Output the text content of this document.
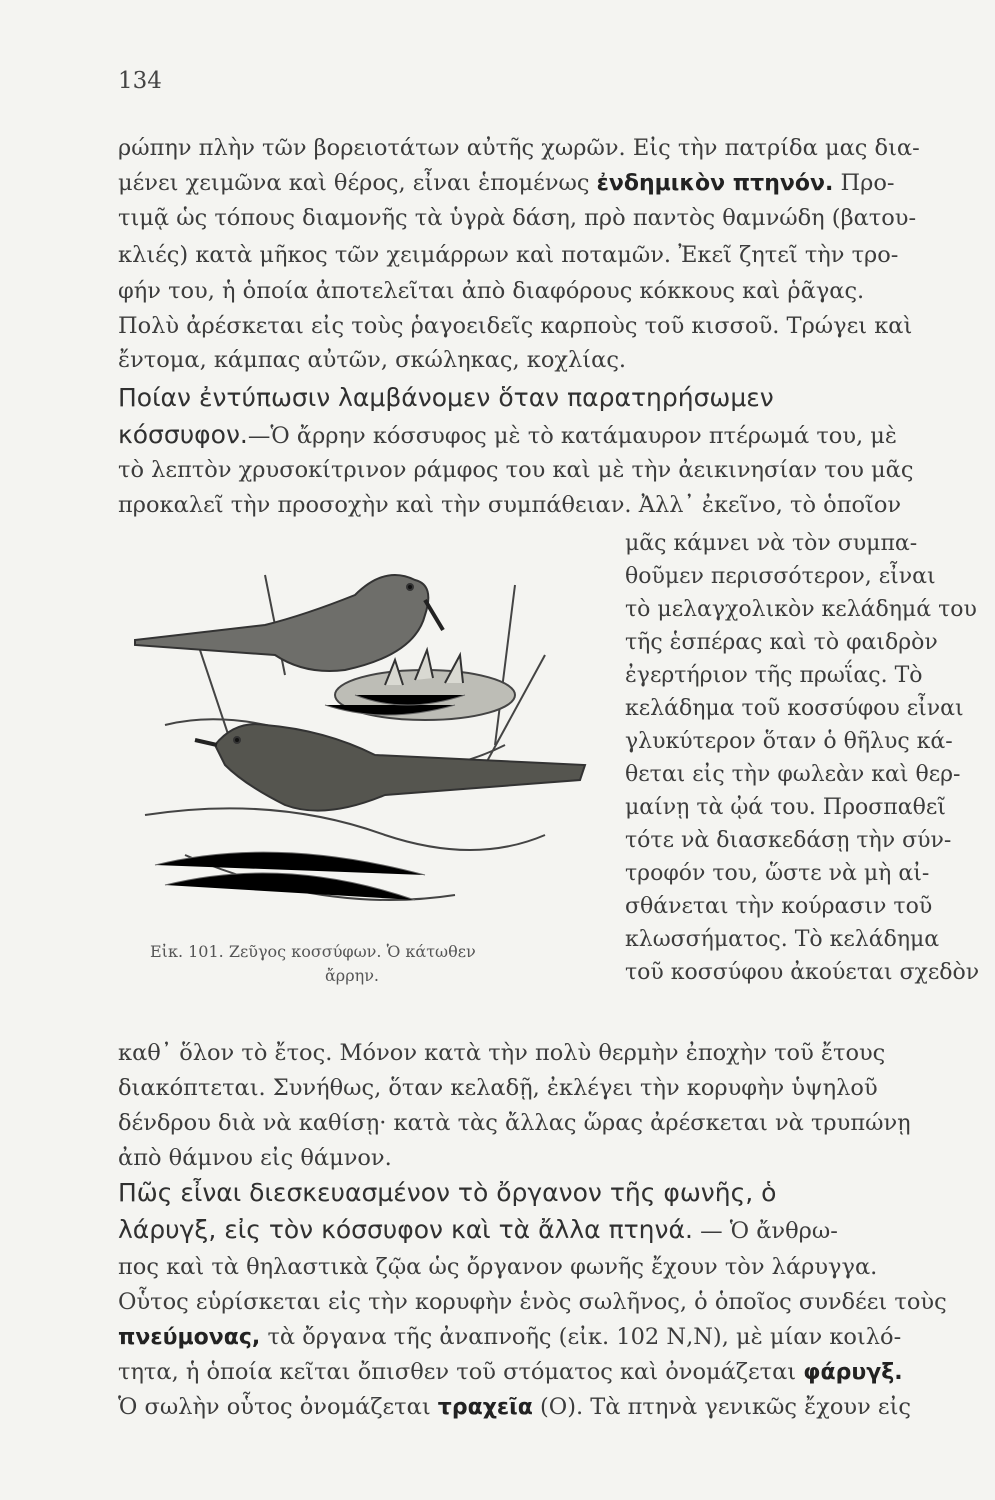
134
ρώπην πλὴν τῶν βορειοτάτων αὐτῆς χωρῶν. Εἰς τὴν πατρίδα μας δια-
μένει χειμῶνα καὶ θέρος, εἶναι ἑπομένως ἐνδημικὸν πτηνόν. Προ-
τιμᾷ ὡς τόπους διαμονῆς τὰ ὑγρὰ δάση, πρὸ παντὸς θαμνώδη (βατου-
κλιές) κατὰ μῆκος τῶν χειμάρρων καὶ ποταμῶν. Ἐκεῖ ζητεῖ τὴν τρο-
φήν του, ἡ ὁποία ἀποτελεῖται ἀπὸ διαφόρους κόκκους καὶ ῥᾶγας.
Πολὺ ἀρέσκεται εἰς τοὺς ῥαγοειδεῖς καρποὺς τοῦ κισσοῦ. Τρώγει καὶ
ἔντομα, κάμπας αὐτῶν, σκώληκας, κοχλίας.
Ποίαν ἐντύπωσιν λαμβάνομεν ὅταν παρατηρήσωμεν
κόσσυφον.—Ὁ ἄρρην κόσσυφος μὲ τὸ κατάμαυρον πτέρωμά του, μὲ
τὸ λεπτὸν χρυσοκίτρινον ράμφος του καὶ μὲ τὴν ἀεικινησίαν του μᾶς
προκαλεῖ τὴν προσοχὴν καὶ τὴν συμπάθειαν. Ἀλλ᾽ ἐκεῖνο, τὸ ὁποῖον
μᾶς κάμνει νὰ τὸν συμπα-
θοῦμεν περισσότερον, εἶναι
τὸ μελαγχολικὸν κελάδημά του
τῆς ἑσπέρας καὶ τὸ φαιδρὸν
ἐγερτήριον τῆς πρωΐας. Τὸ
κελάδημα τοῦ κοσσύφου εἶναι
γλυκύτερον ὅταν ὁ θῆλυς κά-
θεται εἰς τὴν φωλεὰν καὶ θερ-
μαίνῃ τὰ ᾠά του. Προσπαθεῖ
τότε νὰ διασκεδάσῃ τὴν σύν-
τροφόν του, ὥστε νὰ μὴ αἰ-
σθάνεται τὴν κούρασιν τοῦ
κλωσσήματος. Τὸ κελάδημα
τοῦ κοσσύφου ἀκούεται σχεδὸν
Εἰκ. 101. Ζεῦγος κοσσύφων. Ὁ κάτωθεν
ἄρρην.
καθ᾽ ὅλον τὸ ἔτος. Μόνον κατὰ τὴν πολὺ θερμὴν ἐποχὴν τοῦ ἔτους
διακόπτεται. Συνήθως, ὅταν κελαδῇ, ἐκλέγει τὴν κορυφὴν ὑψηλοῦ
δένδρου διὰ νὰ καθίσῃ· κατὰ τὰς ἄλλας ὥρας ἀρέσκεται νὰ τρυπώνῃ
ἀπὸ θάμνου εἰς θάμνον.
Πῶς εἶναι διεσκευασμένον τὸ ὄργανον τῆς φωνῆς, ὁ
λάρυγξ, εἰς τὸν κόσσυφον καὶ τὰ ἄλλα πτηνά. — Ὁ ἄνθρω-
πος καὶ τὰ θηλαστικὰ ζῷα ὡς ὄργανον φωνῆς ἔχουν τὸν λάρυγγα.
Οὗτος εὑρίσκεται εἰς τὴν κορυφὴν ἑνὸς σωλῆνος, ὁ ὁποῖος συνδέει τοὺς
πνεύμονας, τὰ ὄργανα τῆς ἀναπνοῆς (εἰκ. 102 Ν,Ν), μὲ μίαν κοιλό-
τητα, ἡ ὁποία κεῖται ὄπισθεν τοῦ στόματος καὶ ὀνομάζεται φάρυγξ.
Ὁ σωλὴν οὗτος ὀνομάζεται τραχεῖα (Ο). Τὰ πτηνὰ γενικῶς ἔχουν εἰς
